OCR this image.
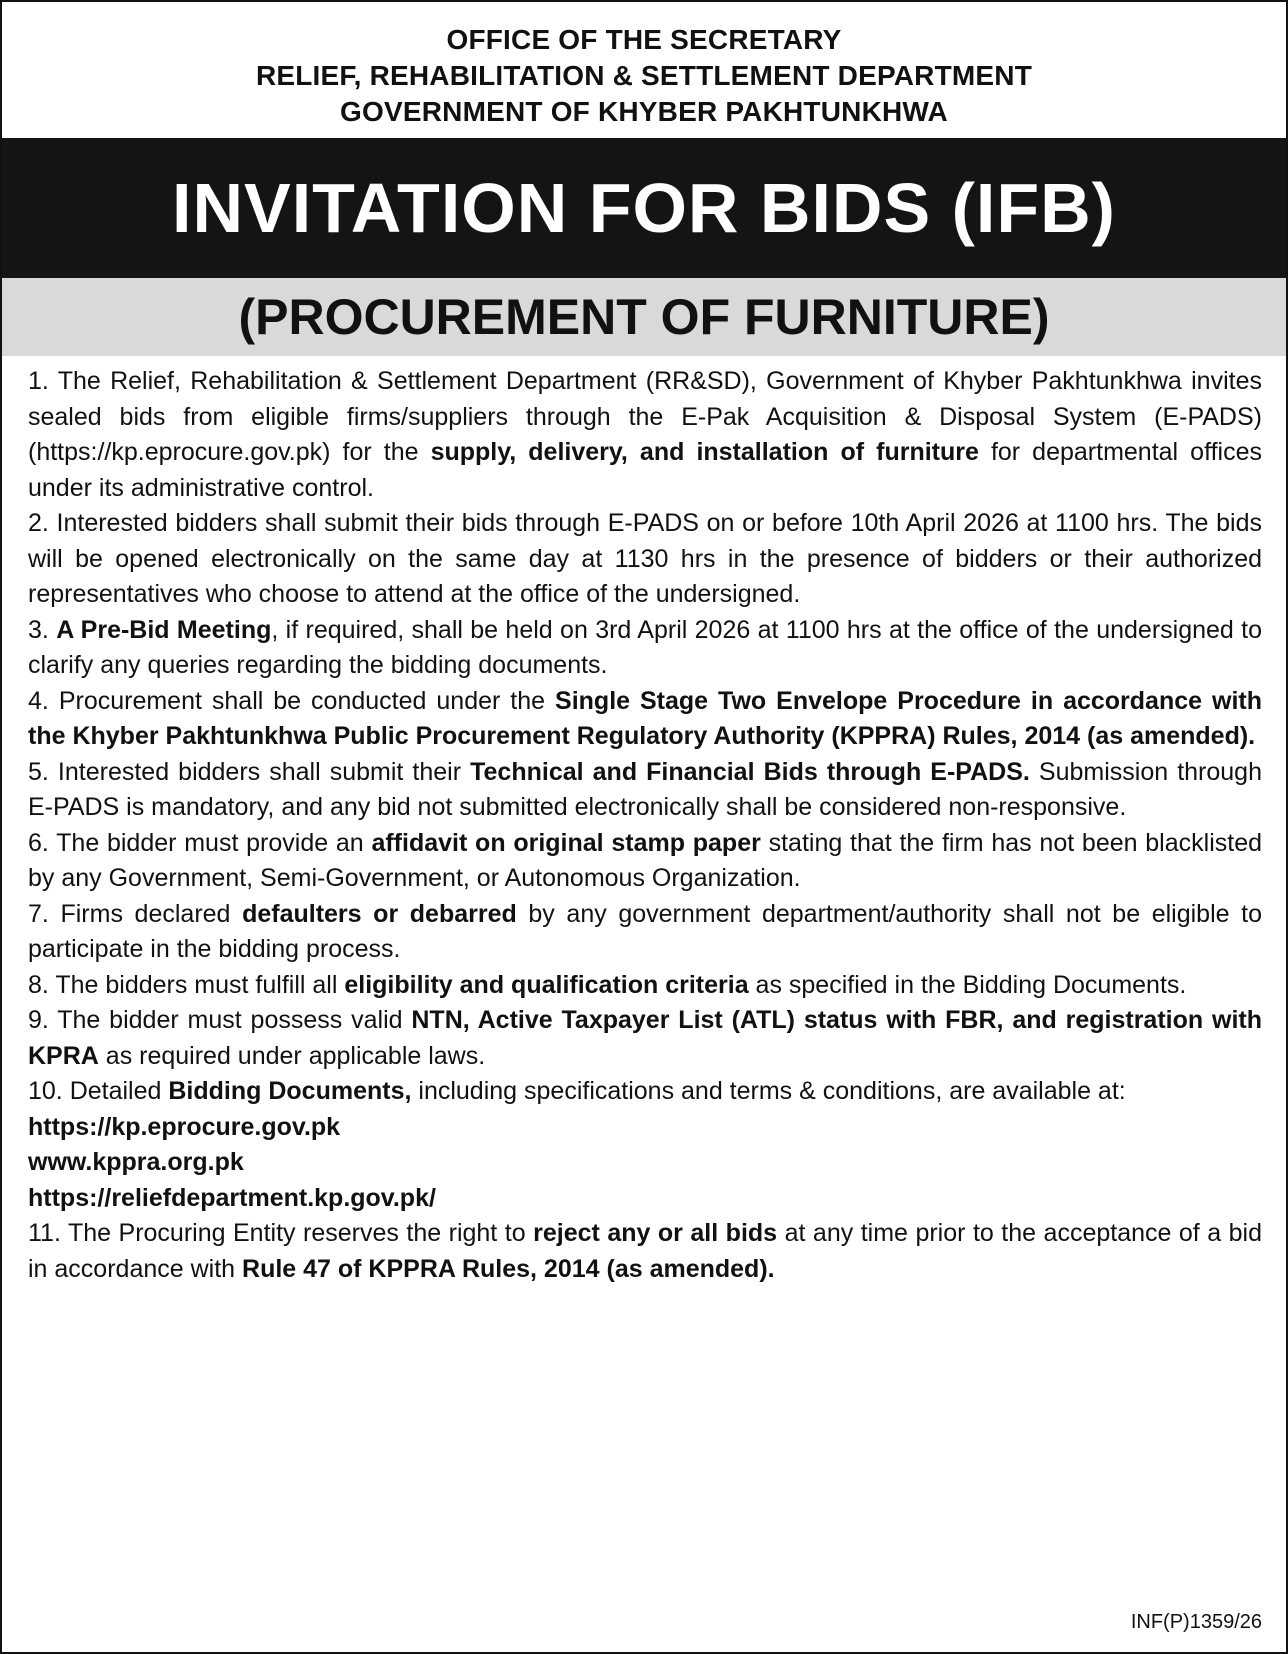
OFFICE OF THE SECRETARY
RELIEF, REHABILITATION & SETTLEMENT DEPARTMENT
GOVERNMENT OF KHYBER PAKHTUNKHWA
INVITATION FOR BIDS (IFB)
(PROCUREMENT OF FURNITURE)

1. The Relief, Rehabilitation & Settlement Department (RR&SD), Government of Khyber Pakhtunkhwa invites sealed bids from eligible firms/suppliers through the E-Pak Acquisition & Disposal System (E-PADS) (https://kp.eprocure.gov.pk) for the supply, delivery, and installation of furniture for departmental offices under its administrative control.

2. Interested bidders shall submit their bids through E-PADS on or before 10th April 2026 at 1100 hrs. The bids will be opened electronically on the same day at 1130 hrs in the presence of bidders or their authorized representatives who choose to attend at the office of the undersigned.

3. A Pre-Bid Meeting, if required, shall be held on 3rd April 2026 at 1100 hrs at the office of the undersigned to clarify any queries regarding the bidding documents.

4. Procurement shall be conducted under the Single Stage Two Envelope Procedure in accordance with the Khyber Pakhtunkhwa Public Procurement Regulatory Authority (KPPRA) Rules, 2014 (as amended).

5. Interested bidders shall submit their Technical and Financial Bids through E-PADS. Submission through E-PADS is mandatory, and any bid not submitted electronically shall be considered non-responsive.

6. The bidder must provide an affidavit on original stamp paper stating that the firm has not been blacklisted by any Government, Semi-Government, or Autonomous Organization.

7. Firms declared defaulters or debarred by any government department/authority shall not be eligible to participate in the bidding process.

8. The bidders must fulfill all eligibility and qualification criteria as specified in the Bidding Documents.

9. The bidder must possess valid NTN, Active Taxpayer List (ATL) status with FBR, and registration with KPRA as required under applicable laws.

10. Detailed Bidding Documents, including specifications and terms & conditions, are available at:

https://kp.eprocure.gov.pk
www.kppra.org.pk
https://reliefdepartment.kp.gov.pk/

11. The Procuring Entity reserves the right to reject any or all bids at any time prior to the acceptance of a bid in accordance with Rule 47 of KPPRA Rules, 2014 (as amended).

INF(P)1359/26
